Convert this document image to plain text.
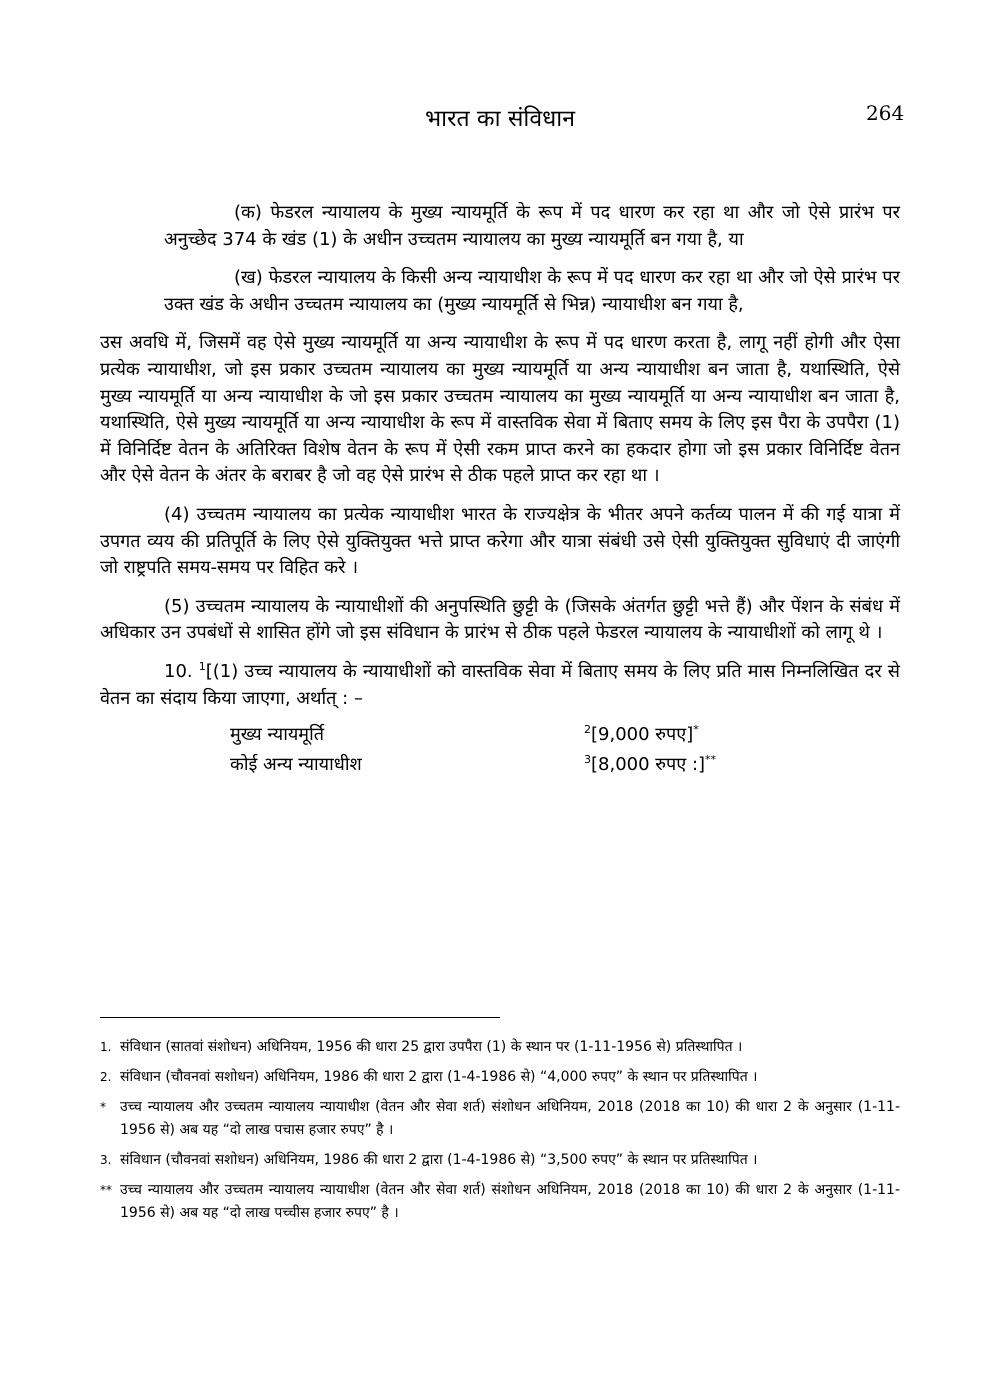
भारत का संविधान	264

(क) फेडरल न्यायालय के मुख्य न्यायमूर्ति के रूप में पद धारण कर रहा था और जो ऐसे प्रारंभ पर अनुच्छेद 374 के खंड (1) के अधीन उच्चतम न्यायालय का मुख्य न्यायमूर्ति बन गया है, या

(ख) फेडरल न्यायालय के किसी अन्य न्यायाधीश के रूप में पद धारण कर रहा था और जो ऐसे प्रारंभ पर उक्त खंड के अधीन उच्चतम न्यायालय का (मुख्य न्यायमूर्ति से भिन्न) न्यायाधीश बन गया है,

उस अवधि में, जिसमें वह ऐसे मुख्य न्यायमूर्ति या अन्य न्यायाधीश के रूप में पद धारण करता है, लागू नहीं होगी और ऐसा प्रत्येक न्यायाधीश, जो इस प्रकार उच्चतम न्यायालय का मुख्य न्यायमूर्ति या अन्य न्यायाधीश बन जाता है, यथास्थिति, ऐसे मुख्य न्यायमूर्ति या अन्य न्यायाधीश के जो इस प्रकार उच्चतम न्यायालय का मुख्य न्यायमूर्ति या अन्य न्यायाधीश बन जाता है, यथास्थिति, ऐसे मुख्य न्यायमूर्ति या अन्य न्यायाधीश के रूप में वास्तविक सेवा में बिताए समय के लिए इस पैरा के उपपैरा (1) में विनिर्दिष्ट वेतन के अतिरिक्त विशेष वेतन के रूप में ऐसी रकम प्राप्त करने का हकदार होगा जो इस प्रकार विनिर्दिष्ट वेतन और ऐसे वेतन के अंतर के बराबर है जो वह ऐसे प्रारंभ से ठीक पहले प्राप्त कर रहा था ।

(4) उच्चतम न्यायालय का प्रत्येक न्यायाधीश भारत के राज्यक्षेत्र के भीतर अपने कर्तव्य पालन में की गई यात्रा में उपगत व्यय की प्रतिपूर्ति के लिए ऐसे युक्तियुक्त भत्ते प्राप्त करेगा और यात्रा संबंधी उसे ऐसी युक्तियुक्त सुविधाएं दी जाएंगी जो राष्ट्रपति समय-समय पर विहित करे ।

(5) उच्चतम न्यायालय के न्यायाधीशों की अनुपस्थिति छुट्टी के (जिसके अंतर्गत छुट्टी भत्ते हैं) और पेंशन के संबंध में अधिकार उन उपबंधों से शासित होंगे जो इस संविधान के प्रारंभ से ठीक पहले फेडरल न्यायालय के न्यायाधीशों को लागू थे ।

10. $^1$[(1) उच्च न्यायालय के न्यायाधीशों को वास्तविक सेवा में बिताए समय के लिए प्रति मास निम्नलिखित दर से वेतन का संदाय किया जाएगा, अर्थात् : –

मुख्य न्यायमूर्ति	$^2$[9,000 रुपए]*
कोई अन्य न्यायाधीश	$^3$[8,000 रुपए :]**
1. संविधान (सातवां संशोधन) अधिनियम, 1956 की धारा 25 द्वारा उपपैरा (1) के स्थान पर (1-11-1956 से) प्रतिस्थापित ।
2. संविधान (चौवनवां सशोधन) अधिनियम, 1986 की धारा 2 द्वारा (1-4-1986 से) “4,000 रुपए” के स्थान पर प्रतिस्थापित ।
*	उच्च न्यायालय और उच्चतम न्यायालय न्यायाधीश (वेतन और सेवा शर्त) संशोधन अधिनियम, 2018 (2018 का 10) की धारा 2 के अनुसार (1-11-1956 से) अब यह “दो लाख पचास हजार रुपए” है ।
3. संविधान (चौवनवां सशोधन) अधिनियम, 1986 की धारा 2 द्वारा (1-4-1986 से) “3,500 रुपए” के स्थान पर प्रतिस्थापित ।
** उच्च न्यायालय और उच्चतम न्यायालय न्यायाधीश (वेतन और सेवा शर्त) संशोधन अधिनियम, 2018 (2018 का 10) की धारा 2 के अनुसार (1-11-1956 से) अब यह “दो लाख पच्चीस हजार रुपए” है ।
